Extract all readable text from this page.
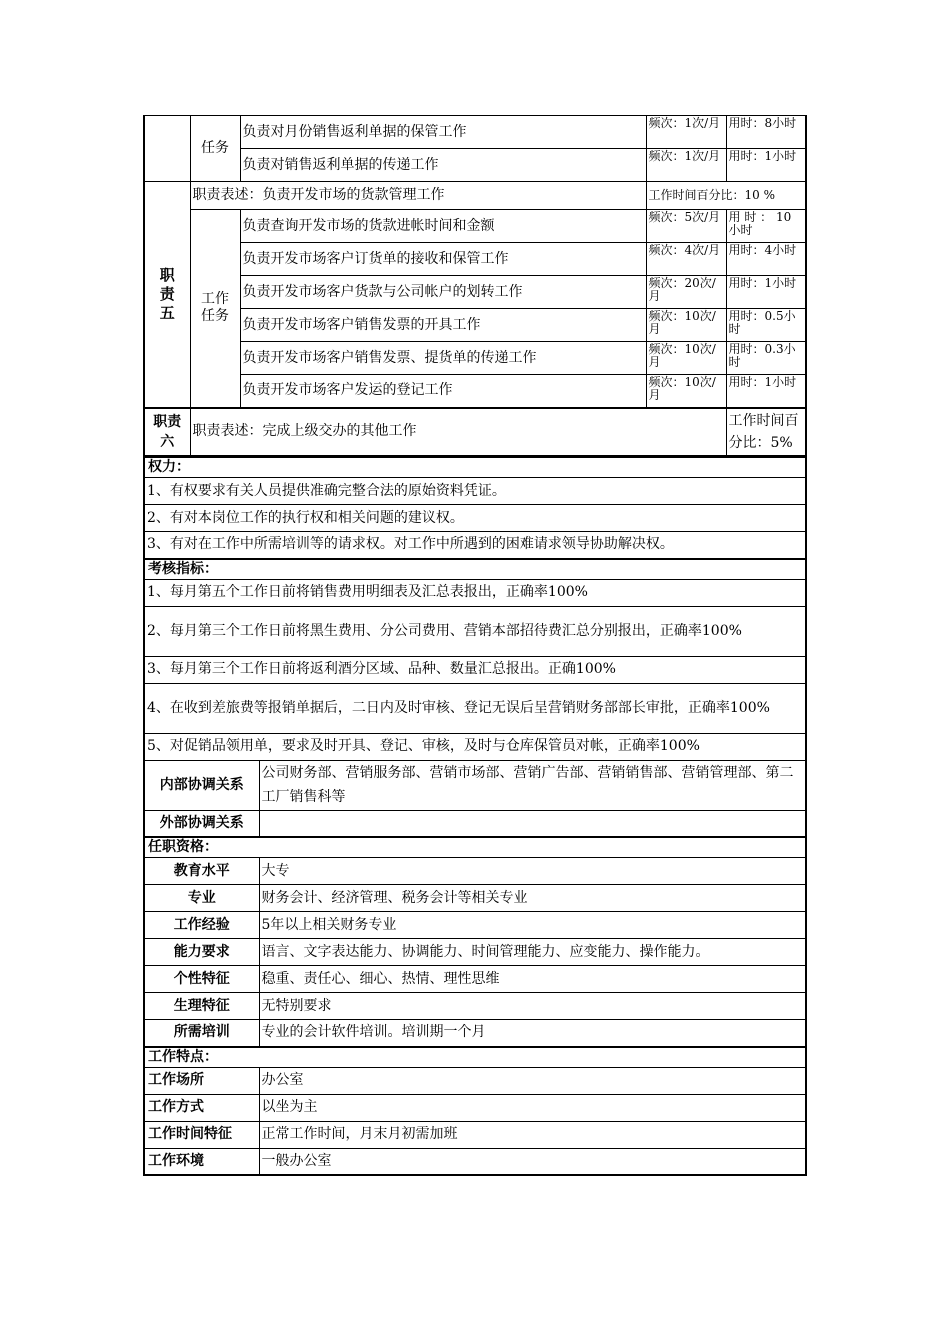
	任务	负责对月份销售返利单据的保管工作	频次：1次/月	用时：8小时
		负责对销售返利单据的传递工作	频次：1次/月	用时：1小时

职责五	职责表述：负责开发市场的货款管理工作		工作时间百分比：10 %	

	工作任务	负责查询开发市场的货款进帐时间和金额	频次：5次/月	用 时 ： 10小时
		负责开发市场客户订货单的接收和保管工作	频次：4次/月	用时：4小时
		负责开发市场客户货款与公司帐户的划转工作	频次：20次/ 月	用时：1小时
		负责开发市场客户销售发票的开具工作	频次：10次/ 月	用时：0.5小时
		负责开发市场客户销售发票、提货单的传递工作	频次：10次/月	用时：0.3小时
		负责开发市场客户发运的登记工作	频次：10次/月	用时：1小时

职责六	职责表述：完成上级交办的其他工作			工作时间百分比：5%
权力：	
1、有权要求有关人员提供准确完整合法的原始资料凭证。	
2、有对本岗位工作的执行权和相关问题的建议权。	
3、有对在工作中所需培训等的请求权。对工作中所遇到的困难请求领导协助解决权。	
考核指标：	
1、每月第五个工作日前将销售费用明细表及汇总表报出，正确率100%	
2、每月第三个工作日前将黑生费用、分公司费用、营销本部招待费汇总分别报出，正确率100%	
3、每月第三个工作日前将返利酒分区域、品种、数量汇总报出。正确100%	
4、在收到差旅费等报销单据后，二日内及时审核、登记无误后呈营销财务部部长审批，正确率100%	
5、对促销品领用单，要求及时开具、登记、审核，及时与仓库保管员对帐，正确率100%	
内部协调关系	公司财务部、营销服务部、营销市场部、营销广告部、营销销售部、营销管理部、第二工厂销售科等
外部协调关系	
任职资格：	
教育水平	大专
专业	财务会计、经济管理、税务会计等相关专业
工作经验	5年以上相关财务专业
能力要求	语言、文字表达能力、协调能力、时间管理能力、应变能力、操作能力。
个性特征	稳重、责任心、细心、热情、理性思维
生理特征	无特别要求
所需培训	专业的会计软件培训。培训期一个月
工作特点：	
工作场所	办公室
工作方式	以坐为主
工作时间特征	正常工作时间，月末月初需加班
工作环境	一般办公室
